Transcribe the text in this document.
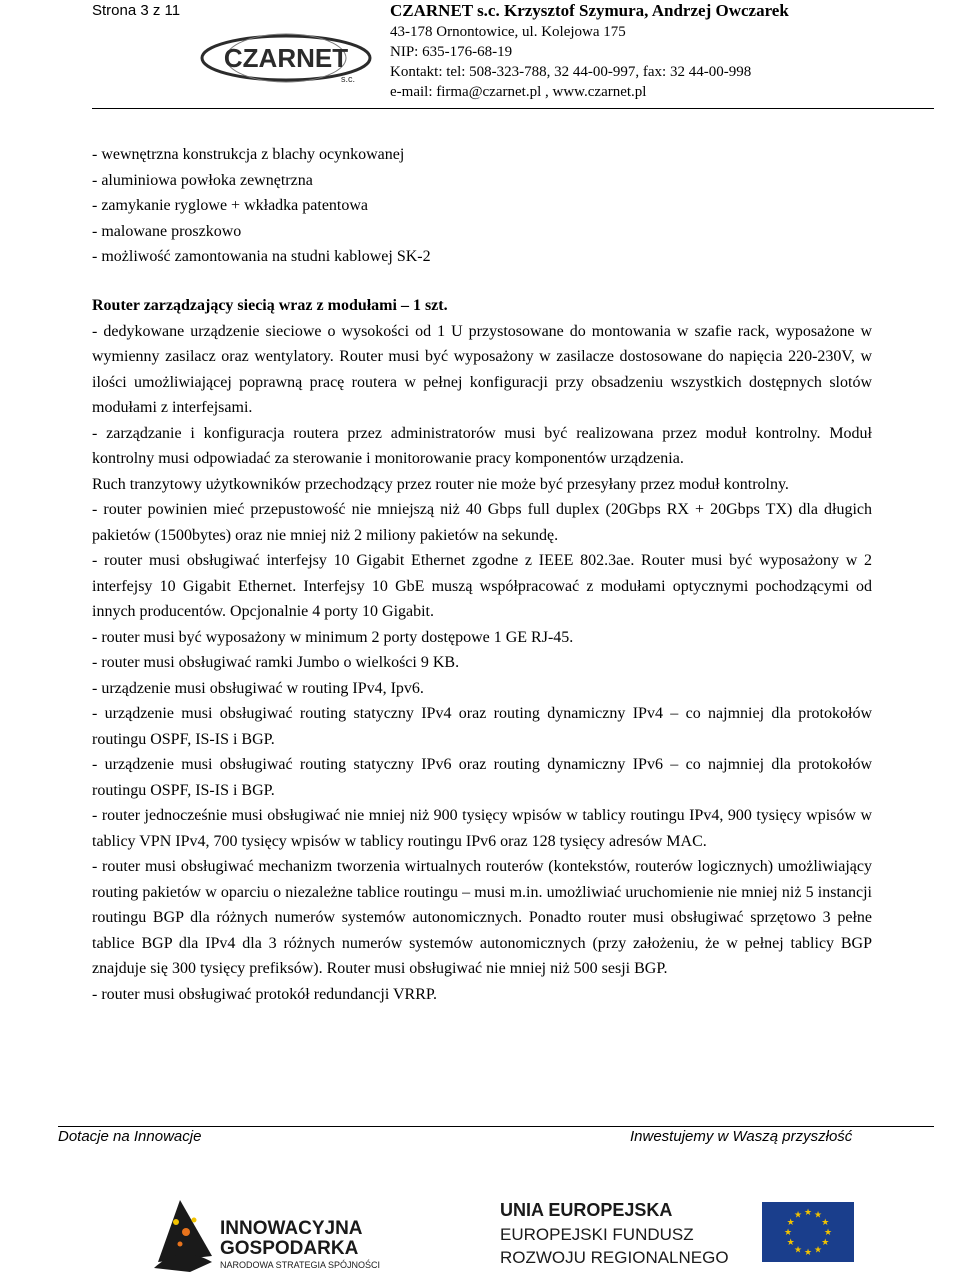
Strona 3 z 11
CZARNET
s.c.
CZARNET s.c. Krzysztof Szymura, Andrzej Owczarek
43-178 Ornontowice, ul. Kolejowa 175
NIP: 635-176-68-19
Kontakt: tel: 508-323-788, 32 44-00-997, fax: 32 44-00-998
e-mail: firma@czarnet.pl , www.czarnet.pl
- wewnętrzna konstrukcja z blachy ocynkowanej
- aluminiowa powłoka zewnętrzna
- zamykanie ryglowe + wkładka patentowa
- malowane proszkowo
- możliwość zamontowania na studni kablowej SK-2
Router zarządzający siecią wraz z modułami – 1 szt.

- dedykowane urządzenie sieciowe o wysokości od 1 U przystosowane do montowania w szafie rack, wyposażone w wymienny zasilacz oraz wentylatory. Router musi być wyposażony w zasilacze dostosowane do napięcia 220-230V, w ilości umożliwiającej poprawną pracę routera w pełnej konfiguracji przy obsadzeniu wszystkich dostępnych slotów modułami z interfejsami.

- zarządzanie i konfiguracja routera przez administratorów musi być realizowana przez moduł kontrolny. Moduł kontrolny musi odpowiadać za sterowanie i monitorowanie pracy komponentów urządzenia.

Ruch tranzytowy użytkowników przechodzący przez router nie może być przesyłany przez moduł kontrolny.

- router powinien mieć przepustowość nie mniejszą niż 40 Gbps full duplex (20Gbps RX + 20Gbps TX) dla długich pakietów (1500bytes) oraz nie mniej niż 2 miliony pakietów na sekundę.

- router musi obsługiwać interfejsy 10 Gigabit Ethernet zgodne z IEEE 802.3ae. Router musi być wyposażony w 2 interfejsy 10 Gigabit Ethernet. Interfejsy 10 GbE muszą współpracować z modułami optycznymi pochodzącymi od innych producentów. Opcjonalnie 4 porty 10 Gigabit.

- router musi być wyposażony w minimum 2 porty dostępowe 1 GE RJ-45.

- router musi obsługiwać ramki Jumbo o wielkości 9 KB.

- urządzenie musi obsługiwać w routing IPv4, Ipv6.

- urządzenie musi obsługiwać routing statyczny IPv4 oraz routing dynamiczny IPv4 – co najmniej dla protokołów routingu OSPF, IS-IS i BGP.

- urządzenie musi obsługiwać routing statyczny IPv6 oraz routing dynamiczny IPv6 – co najmniej dla protokołów routingu OSPF, IS-IS i BGP.

- router jednocześnie musi obsługiwać nie mniej niż 900 tysięcy wpisów w tablicy routingu IPv4, 900 tysięcy wpisów w tablicy VPN IPv4, 700 tysięcy wpisów w tablicy routingu IPv6 oraz 128 tysięcy adresów MAC.

- router musi obsługiwać mechanizm tworzenia wirtualnych routerów (kontekstów, routerów logicznych) umożliwiający routing pakietów w oparciu o niezależne tablice routingu – musi m.in. umożliwiać uruchomienie nie mniej niż 5 instancji routingu BGP dla różnych numerów systemów autonomicznych. Ponadto router musi obsługiwać sprzętowo 3 pełne tablice BGP dla IPv4 dla 3 różnych numerów systemów autonomicznych (przy założeniu, że w pełnej tablicy BGP znajduje się 300 tysięcy prefiksów). Router musi obsługiwać nie mniej niż 500 sesji BGP.

- router musi obsługiwać protokół redundancji VRRP.

Dotacje na Innowacje	Inwestujemy w Waszą przyszłość
INNOWACYJNA
GOSPODARKA
NARODOWA STRATEGIA SPÓJNOŚCI
UNIA EUROPEJSKA
EUROPEJSKI FUNDUSZ
ROZWOJU REGIONALNEGO
★
★
★
★
★
★
★
★
★ ★ ★
★
